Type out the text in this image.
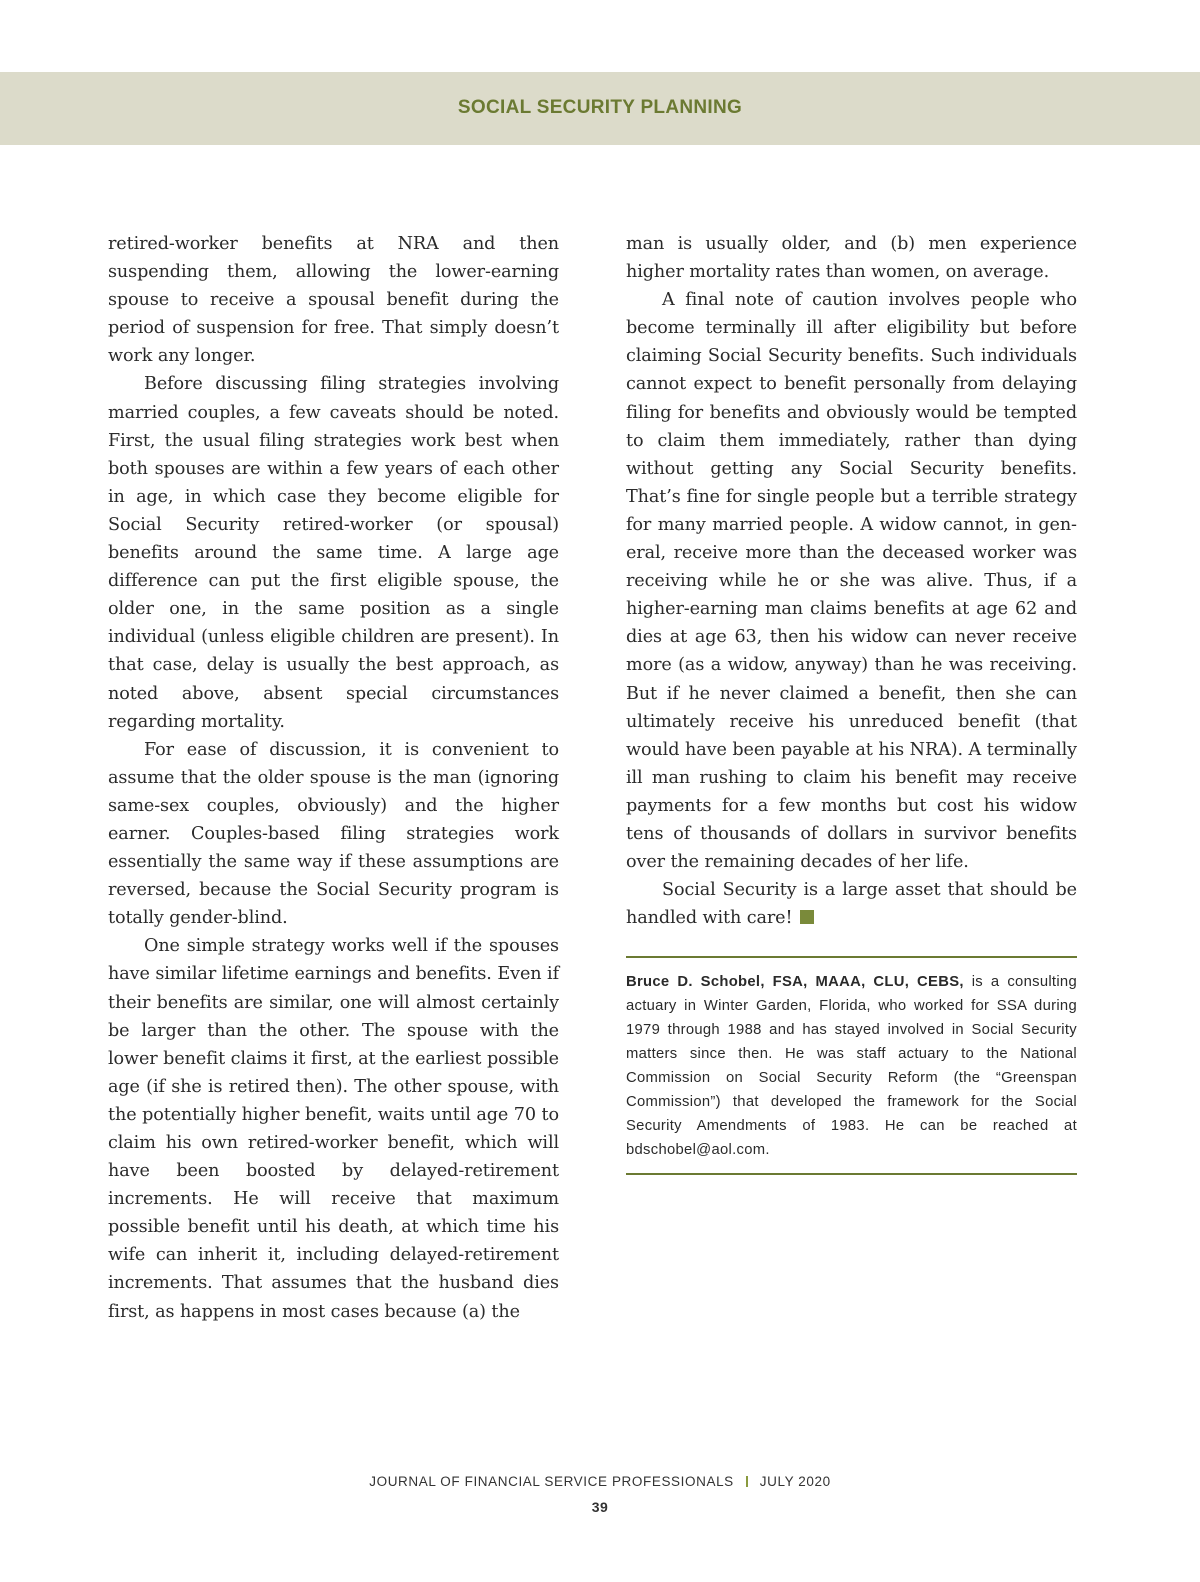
SOCIAL SECURITY PLANNING

retired-worker benefits at NRA and then suspending them, allowing the lower-earning spouse to receive a spousal benefit during the period of suspension for free. That simply doesn’t work any longer.

Before discussing filing strategies involving married couples, a few caveats should be noted. First, the usual filing strategies work best when both spouses are within a few years of each other in age, in which case they become eligible for Social Security retired-worker (or spousal) benefits around the same time. A large age difference can put the first eligible spouse, the older one, in the same position as a single individual (unless eligible children are present). In that case, delay is usually the best approach, as noted above, absent special circumstances regarding mortality.

For ease of discussion, it is convenient to assume that the older spouse is the man (ignoring same-sex couples, obviously) and the higher earner. Couples-based filing strategies work essentially the same way if these assumptions are reversed, because the Social Security program is totally gender-blind.

One simple strategy works well if the spouses have similar lifetime earnings and benefits. Even if their benefits are similar, one will almost certainly be larger than the other. The spouse with the lower benefit claims it first, at the earliest possible age (if she is retired then). The other spouse, with the potentially higher benefit, waits until age 70 to claim his own retired-worker benefit, which will have been boosted by delayed-retirement increments. He will receive that maximum possible benefit until his death, at which time his wife can inherit it, including delayed-retirement increments. That assumes that the husband dies first, as happens in most cases because (a) the

man is usually older, and (b) men experience higher mortality rates than women, on average.

A final note of caution involves people who become terminally ill after eligibility but before claiming Social Security benefits. Such individuals cannot expect to benefit personally from delaying filing for benefits and obviously would be tempted to claim them immediately, rather than dying without getting any Social Security benefits. That’s fine for single people but a terrible strategy for many married people. A widow cannot, in general, receive more than the deceased worker was receiving while he or she was alive. Thus, if a higher-earning man claims benefits at age 62 and dies at age 63, then his widow can never receive more (as a widow, anyway) than he was receiving. But if he never claimed a benefit, then she can ultimately receive his unreduced benefit (that would have been payable at his NRA). A terminally ill man rushing to claim his benefit may receive payments for a few months but cost his widow tens of thousands of dollars in survivor benefits over the remaining decades of her life.

Social Security is a large asset that should be handled with care!

Bruce D. Schobel, FSA, MAAA, CLU, CEBS, is a consulting actuary in Winter Garden, Florida, who worked for SSA during 1979 through 1988 and has stayed involved in Social Security matters since then. He was staff actuary to the National Commission on Social Security Reform (the “Greenspan Commission”) that developed the framework for the Social Security Amendments of 1983. He can be reached at bdschobel@aol.com.

JOURNAL OF FINANCIAL SERVICE PROFESSIONALS JULY 2020

39
